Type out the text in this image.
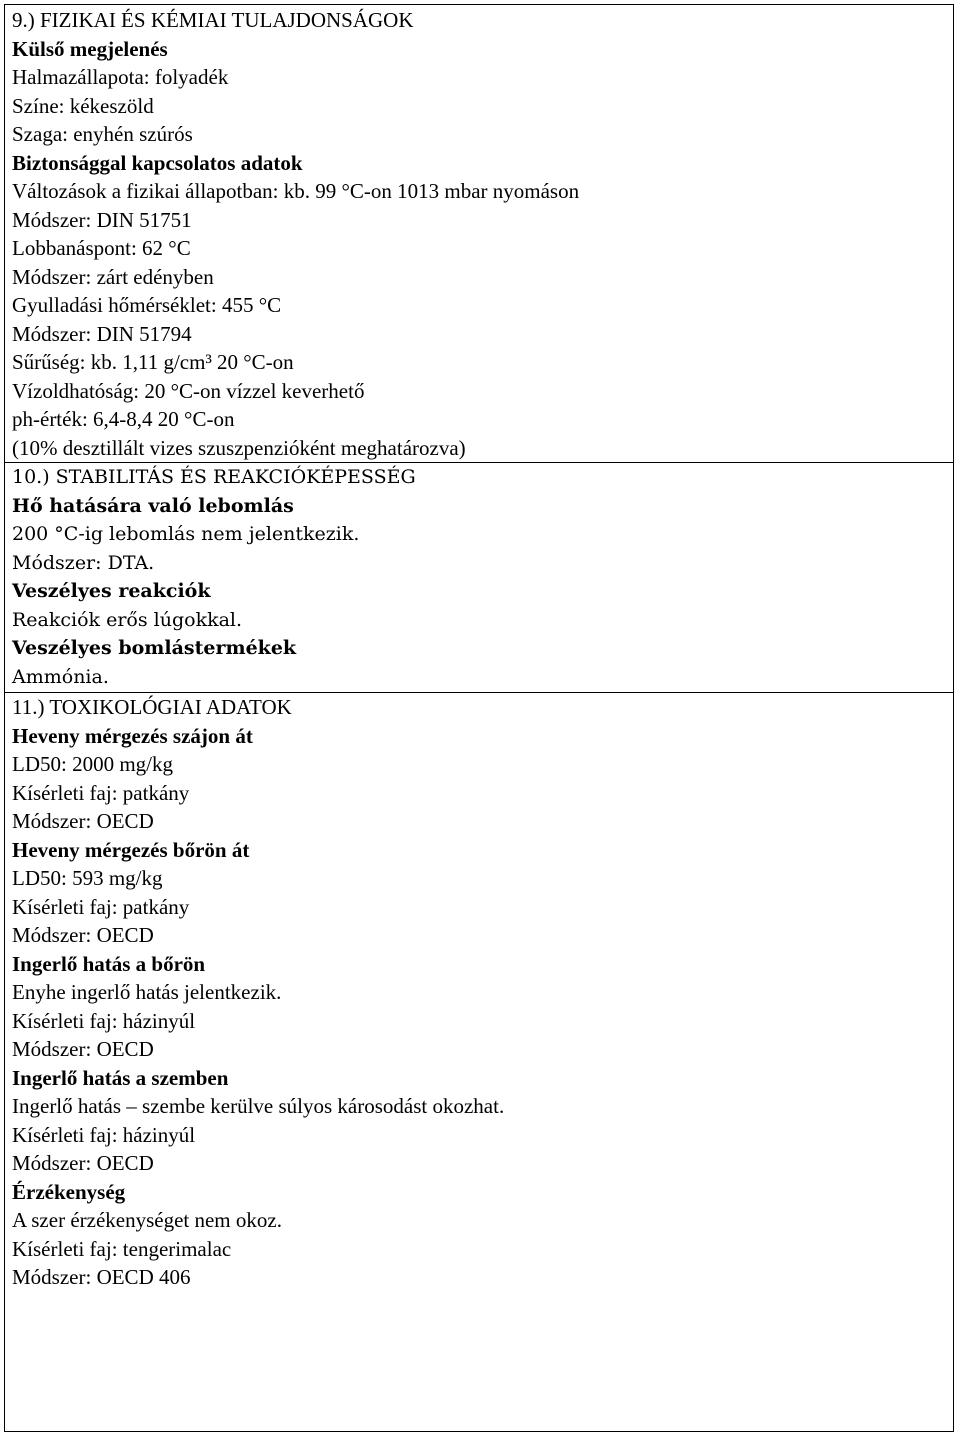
9.) FIZIKAI ÉS KÉMIAI TULAJDONSÁGOK
Külső megjelenés
Halmazállapota: folyadék
Színe: kékeszöld
Szaga: enyhén szúrós
Biztonsággal kapcsolatos adatok
Változások a fizikai állapotban: kb. 99 °C-on 1013 mbar nyomáson
Módszer: DIN 51751
Lobbanáspont: 62 °C
Módszer: zárt edényben
Gyulladási hőmérséklet: 455 °C
Módszer: DIN 51794
Sűrűség: kb. 1,11 g/cm³ 20 °C-on
Vízoldhatóság: 20 °C-on vízzel keverhető
ph-érték: 6,4-8,4 20 °C-on
(10% desztillált vizes szuszpenzióként meghatározva)
10.) STABILITÁS ÉS REAKCIÓKÉPESSÉG
Hő hatására való lebomlás
200 °C-ig lebomlás nem jelentkezik.
Módszer: DTA.
Veszélyes reakciók
Reakciók erős lúgokkal.
Veszélyes bomlástermékek
Ammónia.
11.) TOXIKOLÓGIAI ADATOK
Heveny mérgezés szájon át
LD50: 2000 mg/kg
Kísérleti faj: patkány
Módszer: OECD
Heveny mérgezés bőrön át
LD50: 593 mg/kg
Kísérleti faj: patkány
Módszer: OECD
Ingerlő hatás a bőrön
Enyhe ingerlő hatás jelentkezik.
Kísérleti faj: házinyúl
Módszer: OECD
Ingerlő hatás a szemben
Ingerlő hatás – szembe kerülve súlyos károsodást okozhat.
Kísérleti faj: házinyúl
Módszer: OECD
Érzékenység
A szer érzékenységet nem okoz.
Kísérleti faj: tengerimalac
Módszer: OECD 406
